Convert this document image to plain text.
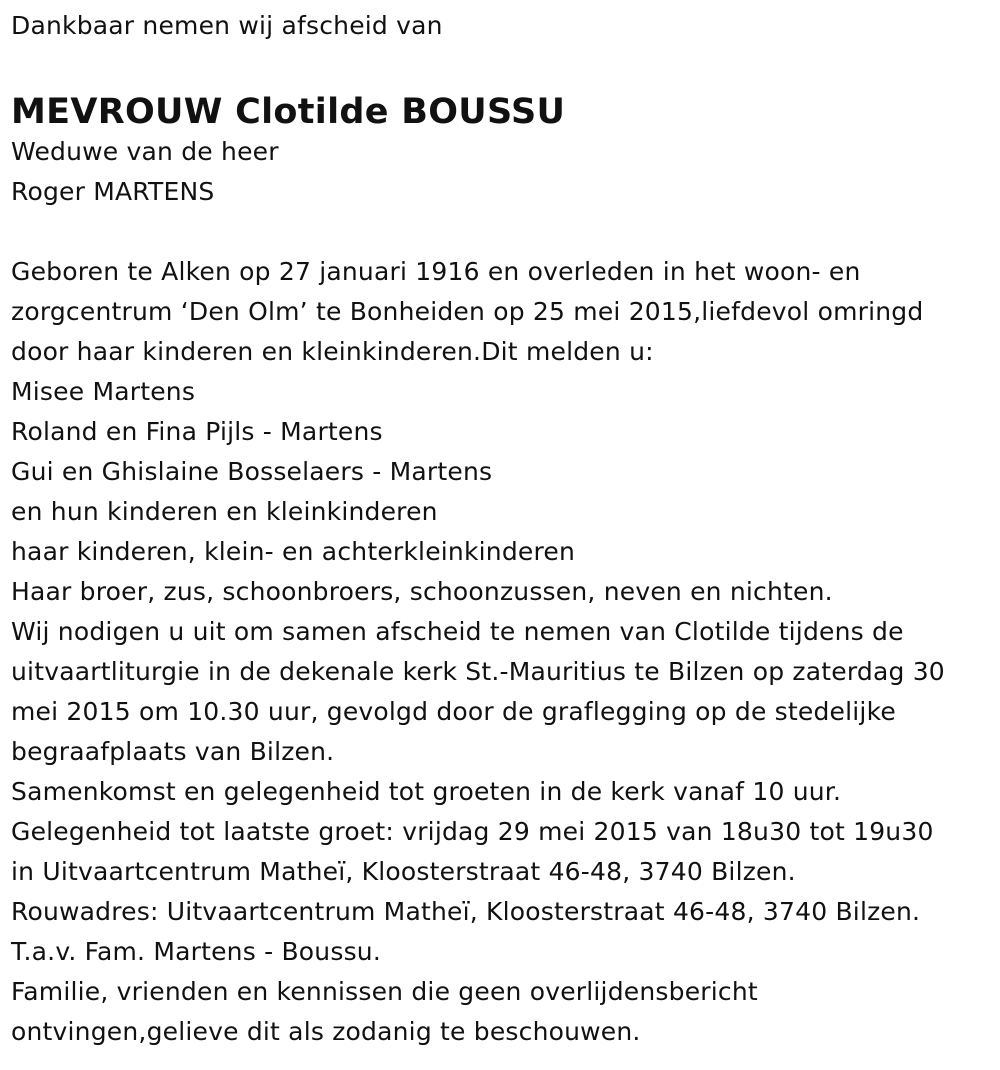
Dankbaar nemen wij afscheid van

MEVROUW Clotilde BOUSSU

Weduwe van de heer

Roger MARTENS

Geboren te Alken op 27 januari 1916 en overleden in het woon- en

zorgcentrum ‘Den Olm’ te Bonheiden op 25 mei 2015,liefdevol omringd

door haar kinderen en kleinkinderen.Dit melden u:

Misee Martens

Roland en Fina Pijls - Martens

Gui en Ghislaine Bosselaers - Martens

en hun kinderen en kleinkinderen

haar kinderen, klein- en achterkleinkinderen

Haar broer, zus, schoonbroers, schoonzussen, neven en nichten.

Wij nodigen u uit om samen afscheid te nemen van Clotilde tijdens de

uitvaartliturgie in de dekenale kerk St.-Mauritius te Bilzen op zaterdag 30

mei 2015 om 10.30 uur, gevolgd door de graflegging op de stedelijke

begraafplaats van Bilzen.

Samenkomst en gelegenheid tot groeten in de kerk vanaf 10 uur.

Gelegenheid tot laatste groet: vrijdag 29 mei 2015 van 18u30 tot 19u30

in Uitvaartcentrum Matheï, Kloosterstraat 46-48, 3740 Bilzen.

Rouwadres: Uitvaartcentrum Matheï, Kloosterstraat 46-48, 3740 Bilzen.

T.a.v. Fam. Martens - Boussu.

Familie, vrienden en kennissen die geen overlijdensbericht

ontvingen,gelieve dit als zodanig te beschouwen.
